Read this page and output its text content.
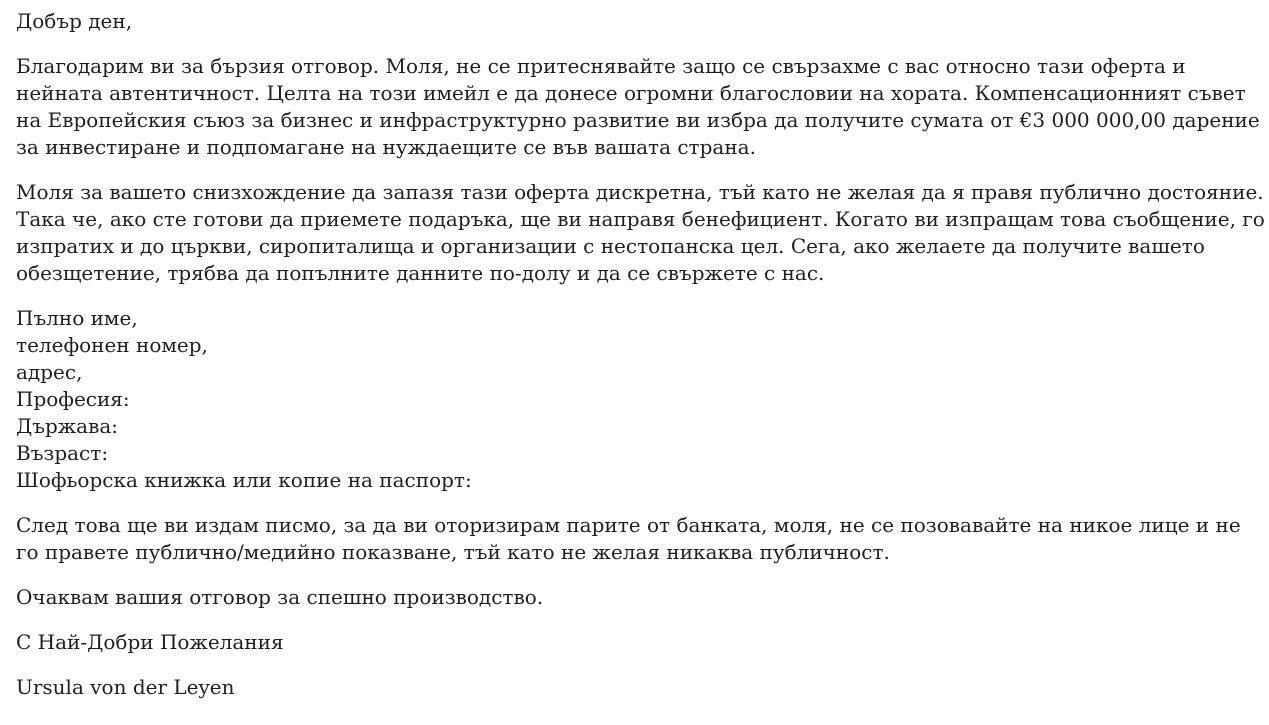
Добър ден,

Благодарим ви за бързия отговор. Моля, не се притеснявайте защо се свързахме с вас относно тази оферта и нейната автентичност. Целта на този имейл е да донесе огромни благословии на хората. Компенсационният съвет на Европейския съюз за бизнес и инфраструктурно развитие ви избра да получите сумата от €3 000 000,00 дарение за инвестиране и подпомагане на нуждаещите се във вашата страна.

Моля за вашето снизхождение да запазя тази оферта дискретна, тъй като не желая да я правя публично достояние. Така че, ако сте готови да приемете подаръка, ще ви направя бенефициент. Когато ви изпращам това съобщение, го изпратих и до църкви, сиропиталища и организации с нестопанска цел. Сега, ако желаете да получите вашето обезщетение, трябва да попълните данните по-долу и да се свържете с нас.

Пълно име,
телефонен номер,
адрес,
Професия:
Държава:
Възраст:
Шофьорска книжка или копие на паспорт:

След това ще ви издам писмо, за да ви оторизирам парите от банката, моля, не се позовавайте на никое лице и не го правете публично/медийно показване, тъй като не желая никаква публичност.

Очаквам вашия отговор за спешно производство.

С Най-Добри Пожелания

Ursula von der Leyen
